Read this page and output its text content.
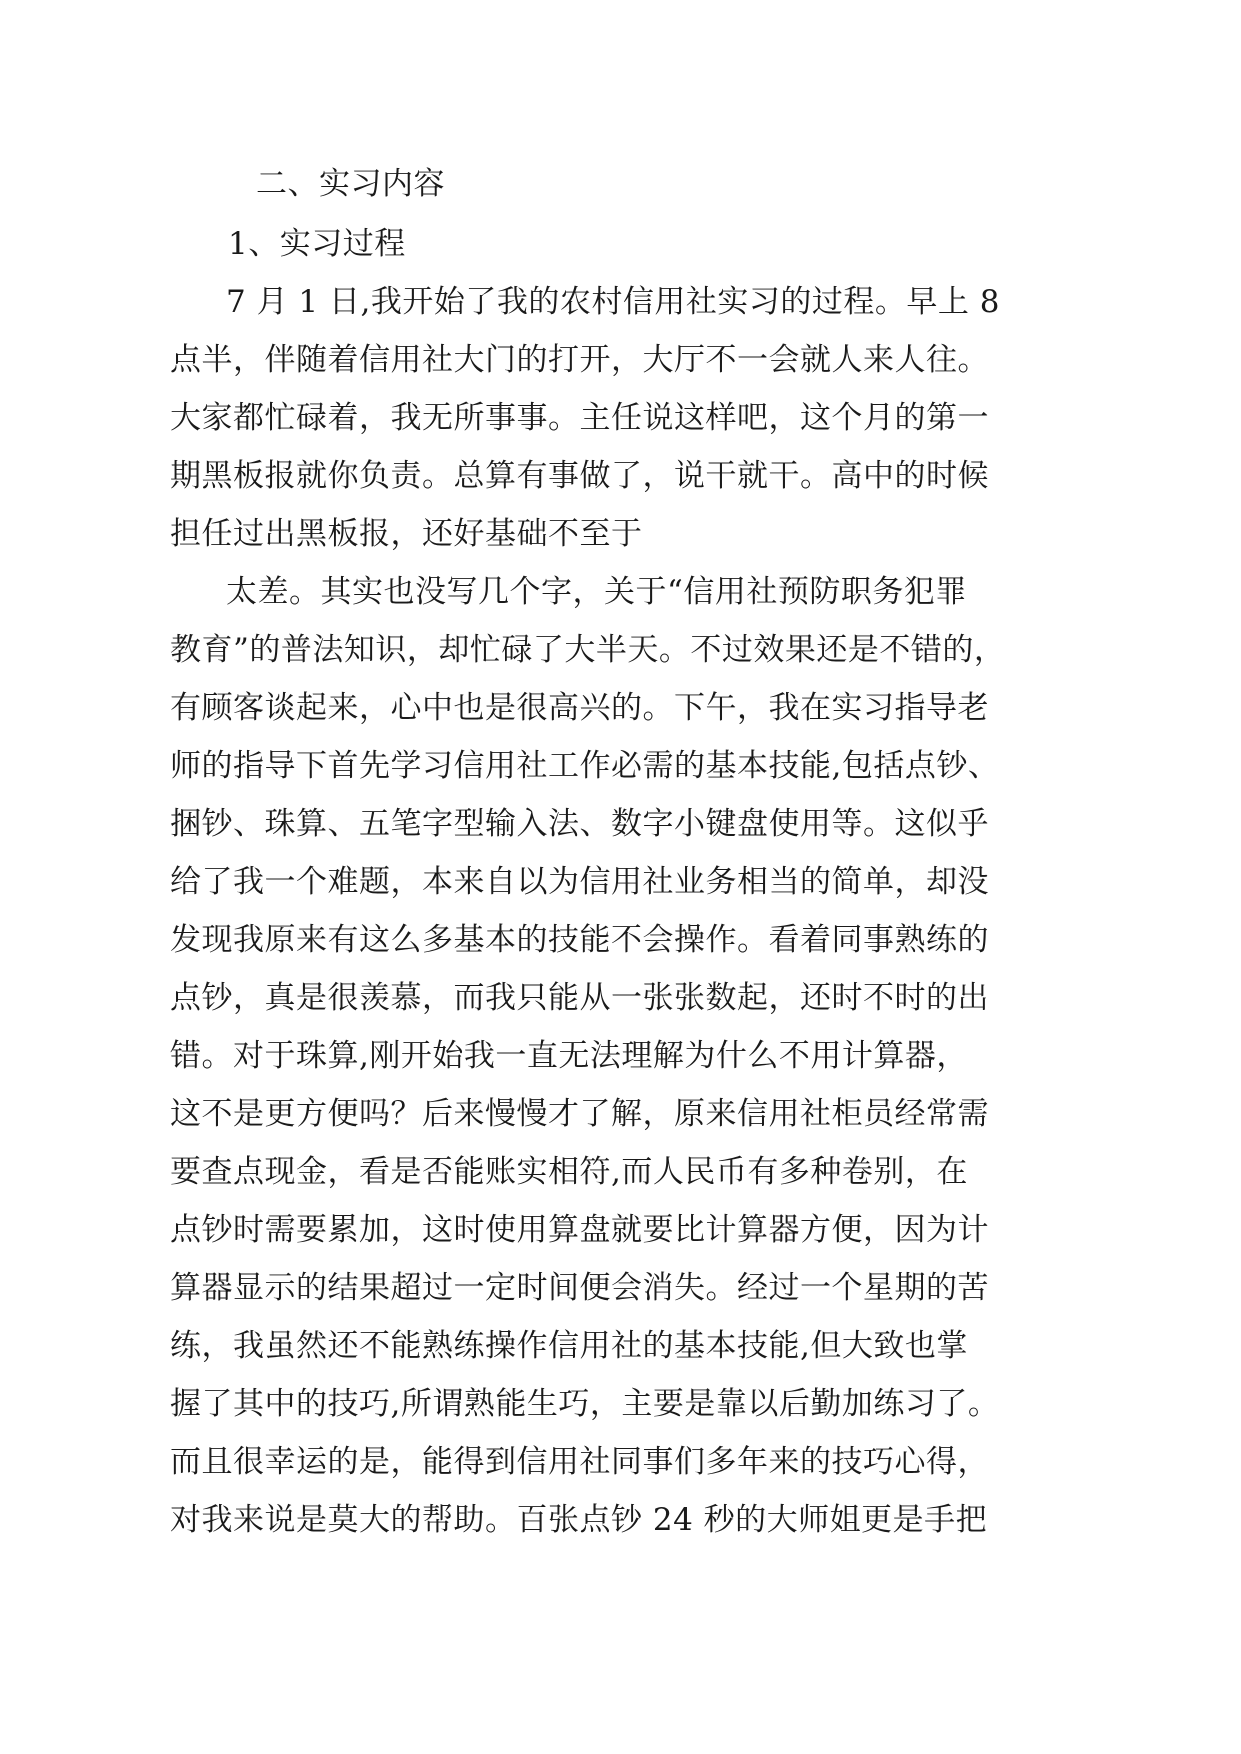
二、实习内容
1、实习过程
7 月 1 日,我开始了我的农村信用社实习的过程。早上 8
点半，伴随着信用社大门的打开，大厅不一会就人来人往。
大家都忙碌着，我无所事事。主任说这样吧，这个月的第一
期黑板报就你负责。总算有事做了，说干就干。高中的时候
担任过出黑板报，还好基础不至于
太差。其实也没写几个字，关于“信用社预防职务犯罪
教育”的普法知识，却忙碌了大半天。不过效果还是不错的，
有顾客谈起来，心中也是很高兴的。下午，我在实习指导老
师的指导下首先学习信用社工作必需的基本技能,包括点钞、
捆钞、珠算、五笔字型输入法、数字小键盘使用等。这似乎
给了我一个难题，本来自以为信用社业务相当的简单，却没
发现我原来有这么多基本的技能不会操作。看着同事熟练的
点钞，真是很羡慕，而我只能从一张张数起，还时不时的出
错。对于珠算,刚开始我一直无法理解为什么不用计算器，
这不是更方便吗？后来慢慢才了解，原来信用社柜员经常需
要查点现金，看是否能账实相符,而人民币有多种卷别，在
点钞时需要累加，这时使用算盘就要比计算器方便，因为计
算器显示的结果超过一定时间便会消失。经过一个星期的苦
练，我虽然还不能熟练操作信用社的基本技能,但大致也掌
握了其中的技巧,所谓熟能生巧，主要是靠以后勤加练习了。
而且很幸运的是，能得到信用社同事们多年来的技巧心得，
对我来说是莫大的帮助。百张点钞 24 秒的大师姐更是手把
